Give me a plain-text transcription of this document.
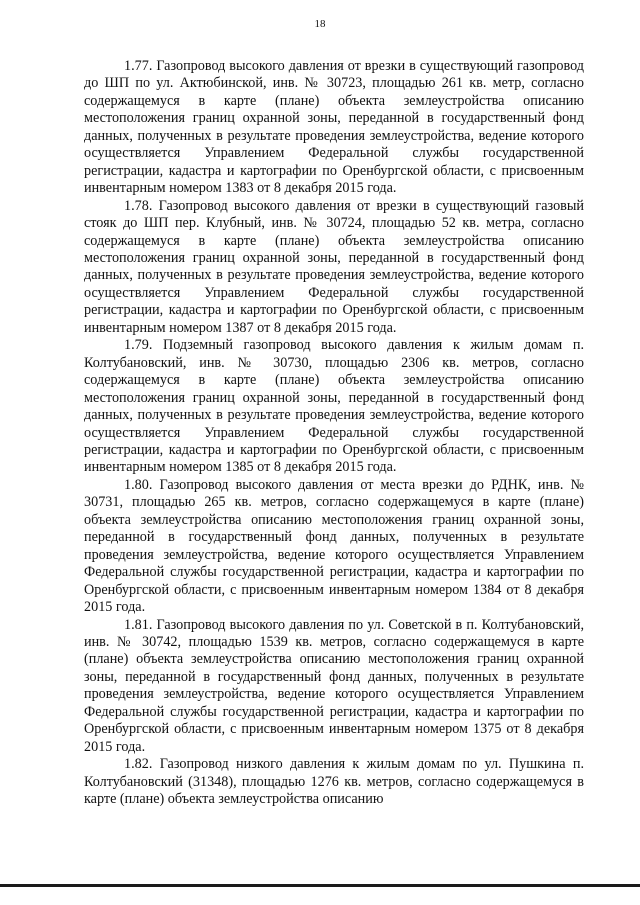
18

1.77. Газопровод высокого давления от врезки в существующий газопровод до ШП по ул. Актюбинской, инв. № 30723, площадью 261 кв. метр, согласно содержащемуся в карте (плане) объекта землеустройства описанию местоположения границ охранной зоны, переданной в государственный фонд данных, полученных в результате проведения землеустройства, ведение которого осуществляется Управлением Федеральной службы государственной регистрации, кадастра и картографии по Оренбургской области, с присвоенным инвентарным номером 1383 от 8 декабря 2015 года.

1.78. Газопровод высокого давления от врезки в существующий газовый стояк до ШП пер. Клубный, инв. № 30724, площадью 52 кв. метра, согласно содержащемуся в карте (плане) объекта землеустройства описанию местоположения границ охранной зоны, переданной в государственный фонд данных, полученных в результате проведения землеустройства, ведение которого осуществляется Управлением Федеральной службы государственной регистрации, кадастра и картографии по Оренбургской области, с присвоенным инвентарным номером 1387 от 8 декабря 2015 года.

1.79. Подземный газопровод высокого давления к жилым домам п. Колтубановский, инв. № 30730, площадью 2306 кв. метров, согласно содержащемуся в карте (плане) объекта землеустройства описанию местоположения границ охранной зоны, переданной в государственный фонд данных, полученных в результате проведения землеустройства, ведение которого осуществляется Управлением Федеральной службы государственной регистрации, кадастра и картографии по Оренбургской области, с присвоенным инвентарным номером 1385 от 8 декабря 2015 года.

1.80. Газопровод высокого давления от места врезки до РДНК, инв. № 30731, площадью 265 кв. метров, согласно содержащемуся в карте (плане) объекта землеустройства описанию местоположения границ охранной зоны, переданной в государственный фонд данных, полученных в результате проведения землеустройства, ведение которого осуществляется Управлением Федеральной службы государственной регистрации, кадастра и картографии по Оренбургской области, с присвоенным инвентарным номером 1384 от 8 декабря 2015 года.

1.81. Газопровод высокого давления по ул. Советской в п. Колтубановский, инв. № 30742, площадью 1539 кв. метров, согласно содержащемуся в карте (плане) объекта землеустройства описанию местоположения границ охранной зоны, переданной в государственный фонд данных, полученных в результате проведения землеустройства, ведение которого осуществляется Управлением Федеральной службы государственной регистрации, кадастра и картографии по Оренбургской области, с присвоенным инвентарным номером 1375 от 8 декабря 2015 года.

1.82. Газопровод низкого давления к жилым домам по ул. Пушкина п. Колтубановский (31348), площадью 1276 кв. метров, согласно содержащемуся в карте (плане) объекта землеустройства описанию
